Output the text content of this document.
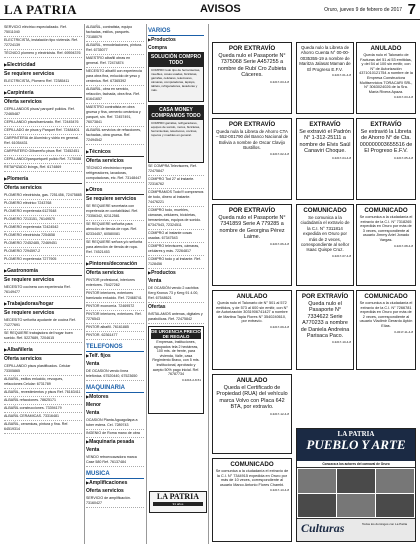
LA PATRIA	AVISOS	Oruro, jueves 9 de febrero de 2017 7
SERVICIO eléctrico especializado. Ref. 75011040
ELECTRICISTA, instalación tipo vivienda. Ref. 72724139
TÉCNICO plomero y electricista. Ref. 69594376
▶ Electricidad
Se requiere servicios
ELECTRICISTA, Plomero Ref. 72385411
▶ Carpintería
Oferta servicios
CEPILLANDOS pisos/ parquet/ pulidos. Ref. 72465487
CEPILLANDO pisos/barnizado. Ref. 72445476
CEPILLADO de pisos y Parquet Ref. 72484401
CARPINTERIA de Aluminio y vidrio en general. Ref. 61054431
CARPINTERO Gilbarreño pisos Ref. 72452451
CEPILLANDO/parquetquet/ pulido Ref. 7175088
RETAPIZADO livings, Ref. 6174869
▶ Plomería
Oferta servicios
PLOMERO electricista, gas. 7251456, 72475885
PLOMERO eléctrico 7243768
PLOMERO experiencia 6127648
PLOMERO 7213151, 76149570
PLOMERO experiencia 72424542
PLOMERO electricista 7254658
PLOMERO 72452485, 72469451
PLOMERO 7294597-2
PLOMERO experiencia 7277905
▶ Gastronomía
Se requiere servicios
NECESITO cocinera con experiencia Ref. 76149477
▶ Trabajadoras/hogar
Se requiere servicios
NECESITO señorita ayudante de cocina Ref. 71277691
SE REQUIERE trabajadora del hogar buen sueldo. Ref. 5227689, 7204615
▶ Albañilería
Oferta servicios
CEPILLANDO pisos plastificados. Celular 73305865
ALBAÑIL, estilos enlucido, revoques, refacciones Celular: 6731789
ALBAÑIL, revestimientos y pisos Ref. 76163411
ALBAÑIL refacciones. 78625171
ALBAÑIL construcciones. 73394179
ALBAÑIL CERAMICAS. 73316481
ALBAÑIL, ceramicas, pintura y fina. Ref. 64519314
ALBAÑIL, contratista, equipo fachadas, estilos, parquets. 73188079
ALBAÑIL, remodelaciones, pintura. Ref. 6735077
MAESTRO albañil obras en general. Ref. 72474874
NECESITO albañil con experiencia para obra fina, enlucido de yeso y cerámica. Ref. 67365392
ALBAÑIL, obra en servicio, refacción, fachada, obra fina. Ref. 61641657
MAESTRO contratista en obra gruesa y fina, cemento cerámica y parquet, sin. Ref. 72457491, 76073841
ALBAÑIL servicios de refacciones, fachadas, obra gruesa. Ref. 72494542
▶ Técnicos
Oferta servicios
TÉCNICO electrónico repara refrigeradores, lavadoras, computadoras, etc. Ref. 73148447
▶ Otros
Se requiere servicios
SE REQUIERE secretaria con experiencia en contabilidad. Ref. 73356342, 62112581
SE REQUIERE señorita para atención de tienda de ropa. Ref. 62334457, 60580081
SE REQUIERE señora y/o señorita para atención de tienda de ropa. Ref. 74521453
▶ Pintores/decoración
Oferta servicios
PINTOR profesional, interiores exteriores. 75427262
PINTOR interiores, exteriores barnizado enlucido. Ref. 72468741
PINTOR economía. 72469572
PINTOR interiores, exteriores. Ref. 7276543
PINTOR albañil. 76161885
PINTOR. 62361477
TELEFONOS
▶ Telf. fijos
Venta
DE OCASION vendo línea telefónica. 67520440, 67523650
MAQUINARIA
▶ Motores
Menor
Venta
OCASION Planta Aguagoliapa a tuber estera. Cel. 7289743
INGENIO de Roma mano de obra
▶ Maquinaria pesada
Venta
VENDO retroexcavadora marca Case 580 Ref. 76137484
MUSICA
▶ Amplificaciones
Oferta servicios
SERVICIO de amplificación. 73160427
VARIOS
▶ Productos
Compra
SOLUCIÓN COMPRO TODO
COMPRO todo tipo de herramientas, muebles, cosas usadas, bicicletas, garrafas, celulares, televisores, cámaras, computadoras, laptops, tablets, refrigeradores, lavadoras y más.
CASA MONEY COMPRAMOS TODO
COMPRO garrafas, refrigeradores, equipos de sonido, motos, bicicletas, herramientas, televisores, cocinas, roperos y muebles en general.
SE COMPRA Televisores, Ref. 72475847
COMPRO Tod 27 al instante. 72316762
COMPRAMOS Todo!!! compramos de todo, dinero al instante. 74476221
COMPRO todo, muebles, cámaras, celulares, bicicletas, herramientas, equipos de sonido. 67347543, 72324511
COMPRO al instante cosas usadas. 67347543
COMPRO televisores, cámaras, celulares y más. 72264817
COMPRO todo y al instante. Ref. 7128456
▶ Productos
Venta
DE OCASIÓN vendo 2 cachitos Kerg Kronus 73 y Kerg 91 4.00, Ref. 67548621
Ofertas
INSTALAMOS antenas, digitales y parabólicas. Ref. 72475842
DE URGENCIA PRECIO DE REGALO

Empresas, Instituciones, agrupados tela 2 hectáreas, 100 mts. de frente, para vivienda, Valle, casa Regimiento Bravo, con 5 mts. institucional, aprobado y acepto 50% pago inicial. Ref. 76787734

0-3216-2-8-51
LA PATRIA
91 años
POR EXTRAVÍO

Queda nulo el Pasaporte N° 7375068 Serie A457255 a nombre de Rubí Cro Zubieta Cáceres.

0-3217-03-4-8

Queda nulo la Libreta de Ahorro Cuenta N° 00-00-0035355-19 a nombre de Maritza Jalasat Maman de El Progreso E.F.V.

0-3217-01-4-8
ANULADO

Queda nulo el Talonario de Facturas del 51 al 53 emitidas, y del 54 al 100 sin emitir, con N° de Autorización 4371010121754 a nombre de la Empresa Constructora Multiservicios TORACARI SRL, N° 3063024026 de la Sra. María Rivera Apaza.

0-3217-03-4-8
POR EXTRAVÍO

Queda nula la Libreta de Ahorro CTA – 552-001790 del Banco Nacional de Bolivia a nombre de Oscar Clavijo Bustillos.

0-3217-02-4-8
EXTRAVÍO

Se extravió el Padrón N° 1-312-25111 a nombre de Elvis Saúl Canaviri Choque.

0-3217-04-4-8
EXTRAVÍO

Se extravió la Libreta de Ahorro N° de Cta. 000000003655516 de El Progreso E.F.V.

0-3217-05-4-8
POR EXTRAVÍO

Queda nulo el Pasaporte N° 7341859 Serie A 779285 a nombre de Georgina Pérez Laime.

0-3217-06-4-8
COMUNICADO

Se comunica a la ciudadanía el extravío de la C.I. N° 7311814 expedida en Oruro por más de 2 veces, correspondiente al señor Isaac Quispe Cruz.

0-3217-07-4-8
COMUNICADO

Se comunica a la ciudadanía el extravío de la C.I. N° 7318265 expedida en Oruro por más de 3 veces, correspondiente al usuario Jimmy Ariel Jonado Vargas.

0-3217-08-4-8
ANULADO

Queda nulo el Talonario de N° 501 al 572 emitidos, y de 573 al 600 sin emitir, con N° de Autorización 3031906741427 a nombre de Martina Tapia Flores N° 3540240610, por extravío.

0-3217-09-4-8
POR EXTRAVÍO

Queda nulo el Pasaporte N° 7334622 Serie A770233 a nombre de Daniela Andreina Parisaca Paco.

0-3217-10-4-8
COMUNICADO

Se comunica a la ciudadanía el extravío de la C.I. N° 7266781 expedida en Oruro por más de 2 veces, correspondiente al usuario Vladimir Gerardo Aytón Elías.

0-3217-11-4-8
ANULADO

Queda el Certificado de Propiedad (RUA) del vehículo marca Volvo con Placa 642 BTA, por extravío.

0-3217-12-4-8
COMUNICADO

Se comunica a la ciudadanía el extravío de la C.I. N° 7344915 expedida en Oruro por más de 10 veces, correspondiente al usuario Marco Antonio Flores Chambi.

0-3217-13-4-8
LA PATRIA
PUEBLO Y ARTE
Conozca a los actores del carnaval de Oruro
Culturas	Todos los domingos con La Patria
